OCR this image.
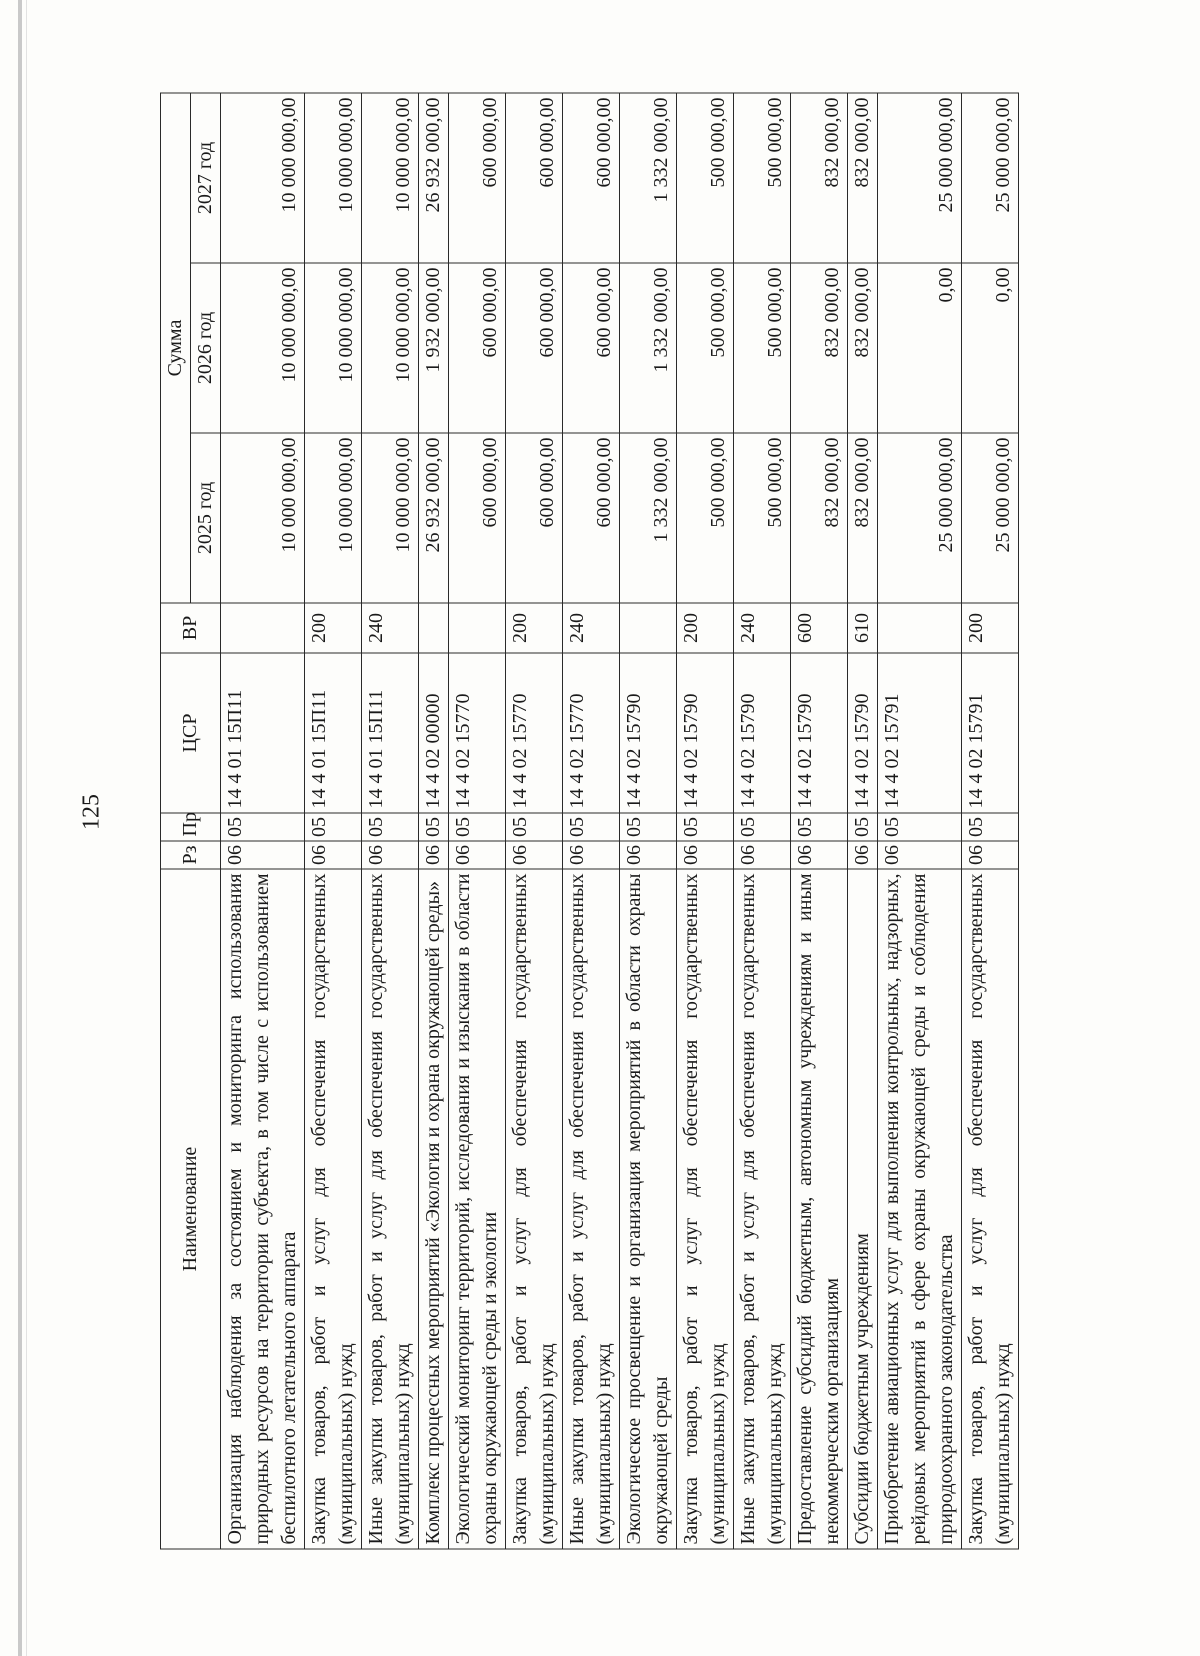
125
Наименование	Рз	Пр	ЦСР	ВР	Сумма		
					2025 год	2026 год	2027 год
Организация наблюдения за состоянием и мониторинга использования природных ресурсов на территории субъекта, в том числе с использованием беспилотного летательного аппарата	06	05	14 4 01 15П11		10 000 000,00	10 000 000,00	10 000 000,00
Закупка товаров, работ и услуг для обеспечения государственных (муниципальных) нужд	06	05	14 4 01 15П11	200	10 000 000,00	10 000 000,00	10 000 000,00
Иные закупки товаров, работ и услуг для обеспечения государственных (муниципальных) нужд	06	05	14 4 01 15П11	240	10 000 000,00	10 000 000,00	10 000 000,00
Комплекс процессных мероприятий «Экология и охрана окружающей среды»	06	05	14 4 02 00000		26 932 000,00	1 932 000,00	26 932 000,00
Экологический мониторинг территорий, исследования и изыскания в области охраны окружающей среды и экологии	06	05	14 4 02 15770		600 000,00	600 000,00	600 000,00
Закупка товаров, работ и услуг для обеспечения государственных (муниципальных) нужд	06	05	14 4 02 15770	200	600 000,00	600 000,00	600 000,00
Иные закупки товаров, работ и услуг для обеспечения государственных (муниципальных) нужд	06	05	14 4 02 15770	240	600 000,00	600 000,00	600 000,00
Экологическое просвещение и организация мероприятий в области охраны окружающей среды	06	05	14 4 02 15790		1 332 000,00	1 332 000,00	1 332 000,00
Закупка товаров, работ и услуг для обеспечения государственных (муниципальных) нужд	06	05	14 4 02 15790	200	500 000,00	500 000,00	500 000,00
Иные закупки товаров, работ и услуг для обеспечения государственных (муниципальных) нужд	06	05	14 4 02 15790	240	500 000,00	500 000,00	500 000,00
Предоставление субсидий бюджетным, автономным учреждениям и иным некоммерческим организациям	06	05	14 4 02 15790	600	832 000,00	832 000,00	832 000,00
Субсидии бюджетным учреждениям	06	05	14 4 02 15790	610	832 000,00	832 000,00	832 000,00
Приобретение авиационных услуг для выполнения контрольных, надзорных, рейдовых мероприятий в сфере охраны окружающей среды и соблюдения природоохранного законодательства	06	05	14 4 02 15791		25 000 000,00	0,00	25 000 000,00
Закупка товаров, работ и услуг для обеспечения государственных (муниципальных) нужд	06	05	14 4 02 15791	200	25 000 000,00	0,00	25 000 000,00
